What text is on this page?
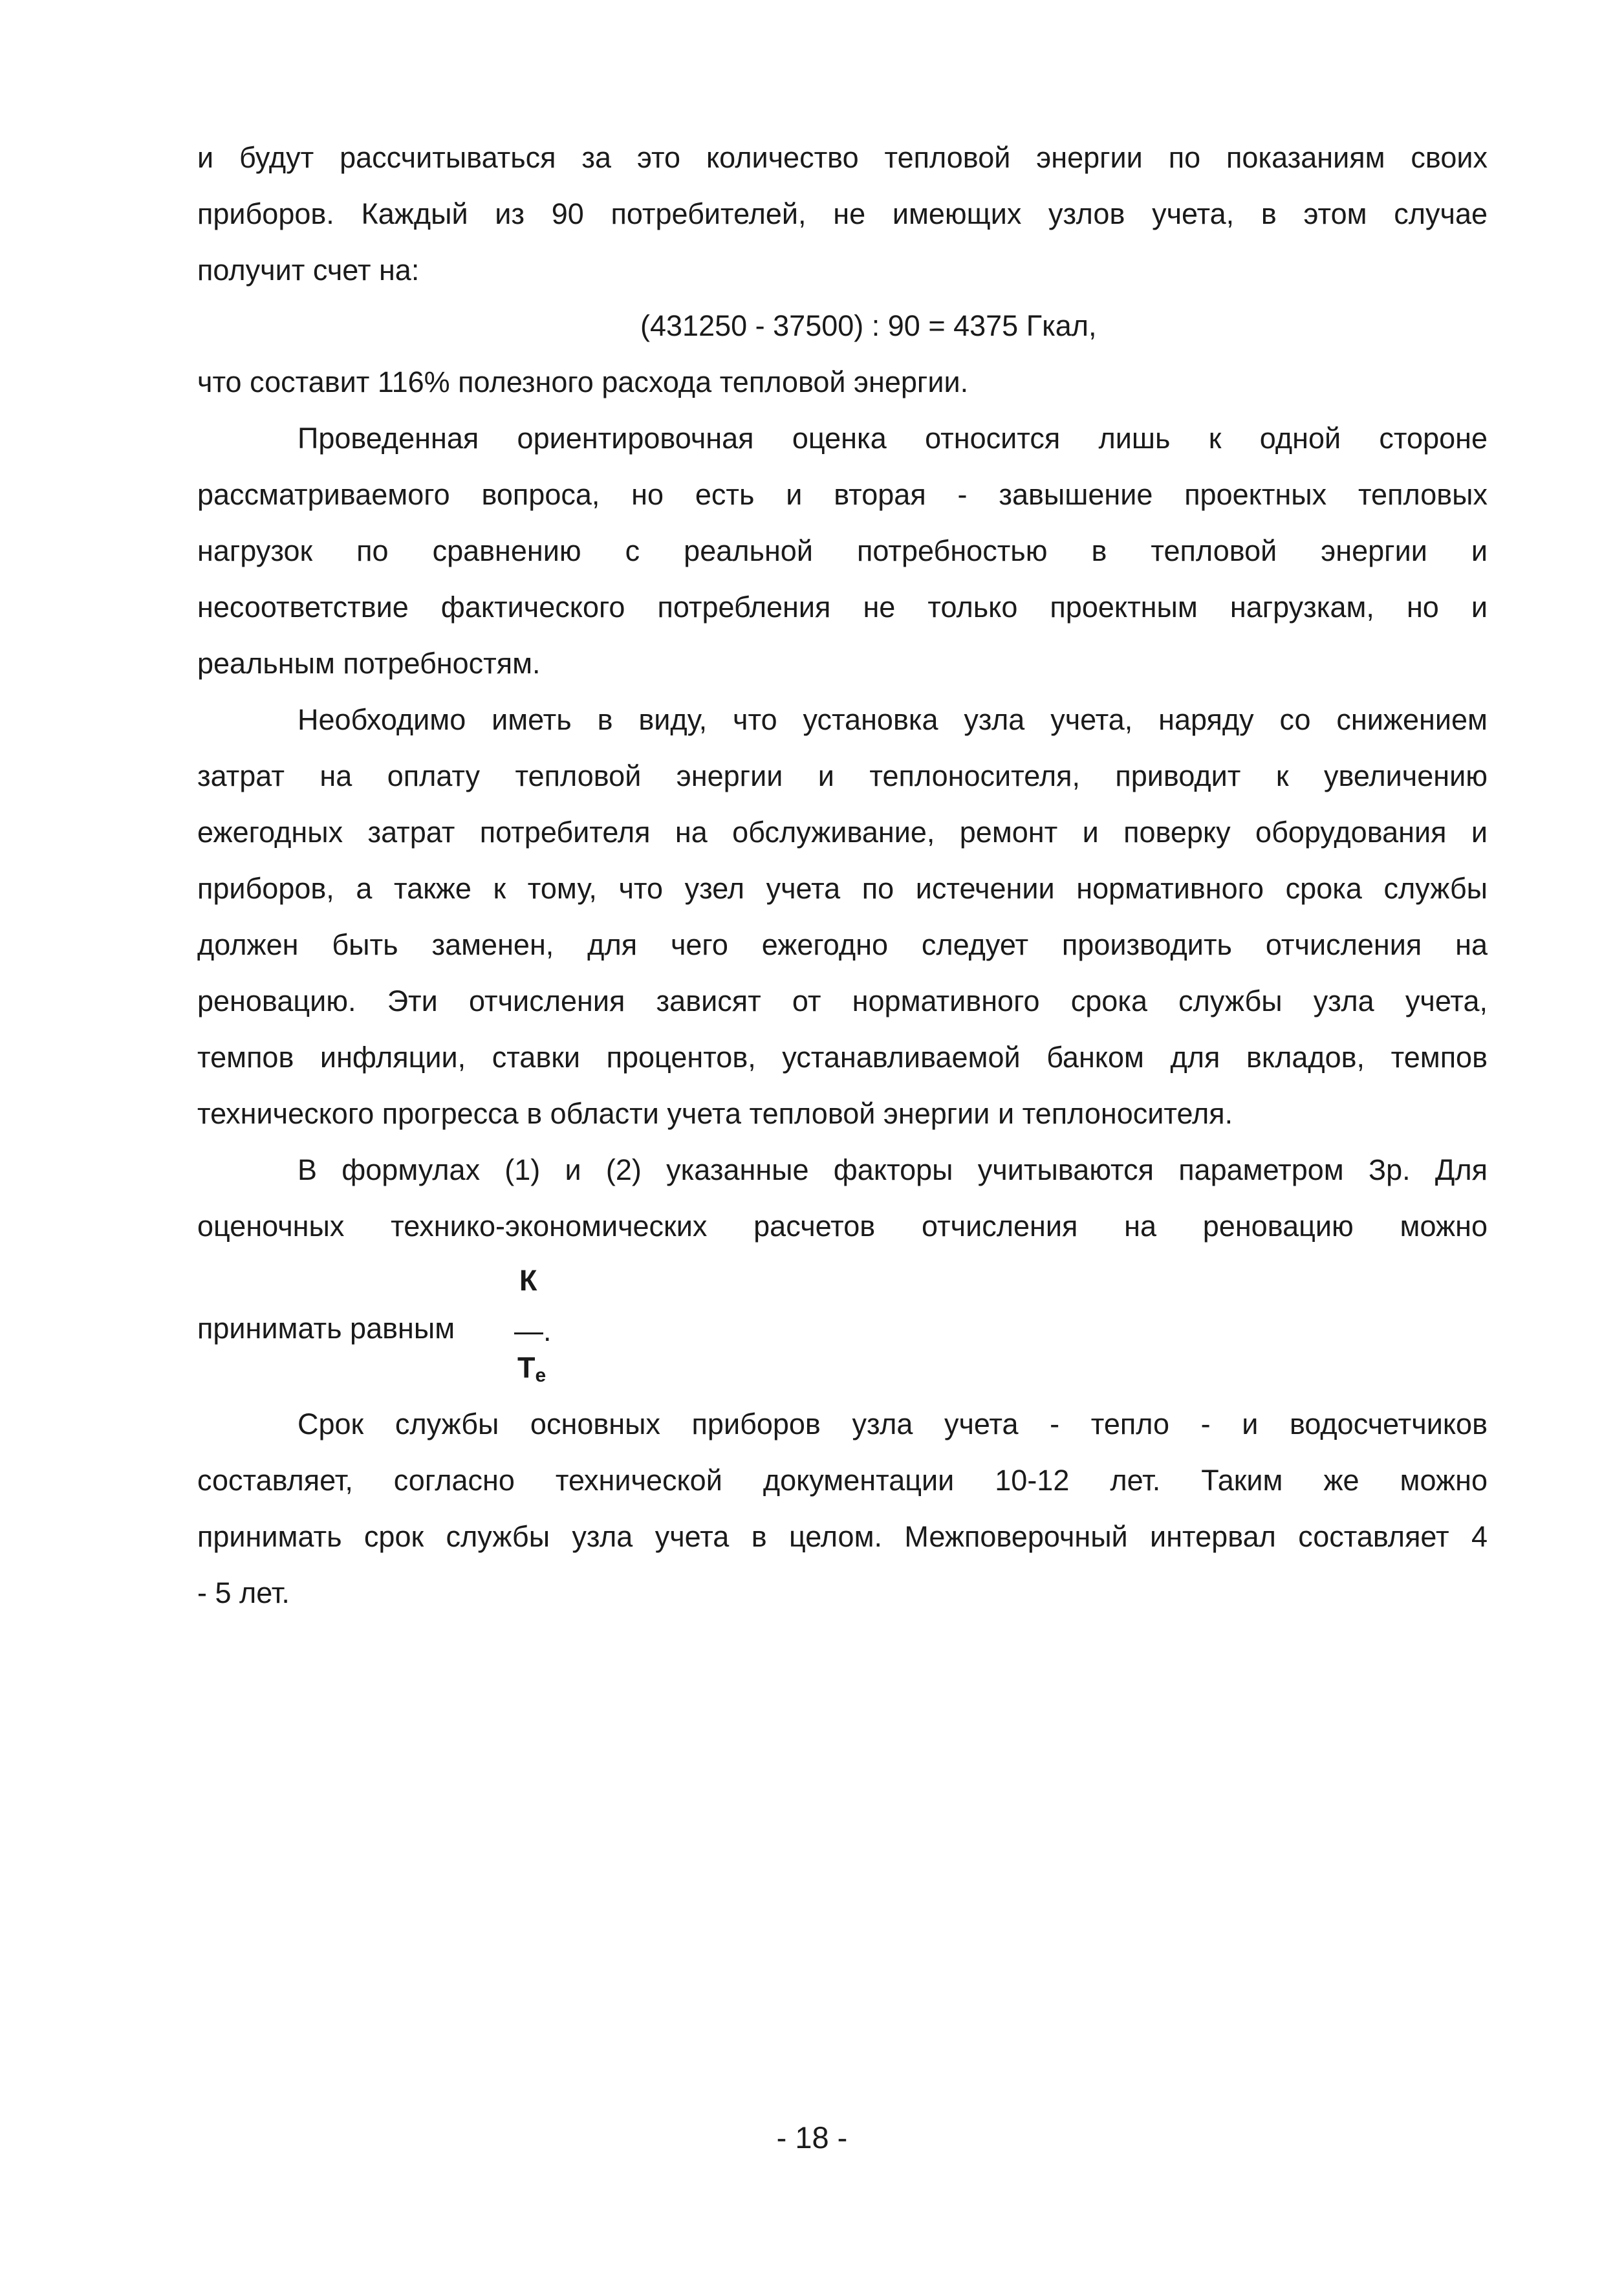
и будут рассчитываться за это количество тепловой энергии по показаниям своих
приборов. Каждый из 90 потребителей, не имеющих узлов учета, в этом случае
получит счет на:
(431250 - 37500) : 90 = 4375 Гкал,
что составит 116% полезного расхода тепловой энергии.
Проведенная ориентировочная оценка относится лишь к одной стороне
рассматриваемого вопроса, но есть и вторая - завышение проектных тепловых
нагрузок по сравнению с реальной потребностью в тепловой энергии и
несоответствие фактического потребления не только проектным нагрузкам, но и
реальным потребностям.
Необходимо иметь в виду, что установка узла учета, наряду со снижением
затрат на оплату тепловой энергии и теплоносителя, приводит к увеличению
ежегодных затрат потребителя на обслуживание, ремонт и поверку оборудования и
приборов, а также к тому, что узел учета по истечении нормативного срока службы
должен быть заменен, для чего ежегодно следует производить отчисления на
реновацию. Эти отчисления зависят от нормативного срока службы узла учета,
темпов инфляции, ставки процентов, устанавливаемой банком для вкладов, темпов
технического прогресса в области учета тепловой энергии и теплоносителя.
В формулах (1) и (2) указанные факторы учитываются параметром Зр. Для
оценочных технико-экономических расчетов отчисления на реновацию можно
принимать равным
К
—.
$Т_е$
Срок службы основных приборов узла учета - тепло - и водосчетчиков
составляет, согласно технической документации 10-12 лет. Таким же можно
принимать срок службы узла учета в целом. Межповерочный интервал составляет 4
- 5 лет.
- 18 -
